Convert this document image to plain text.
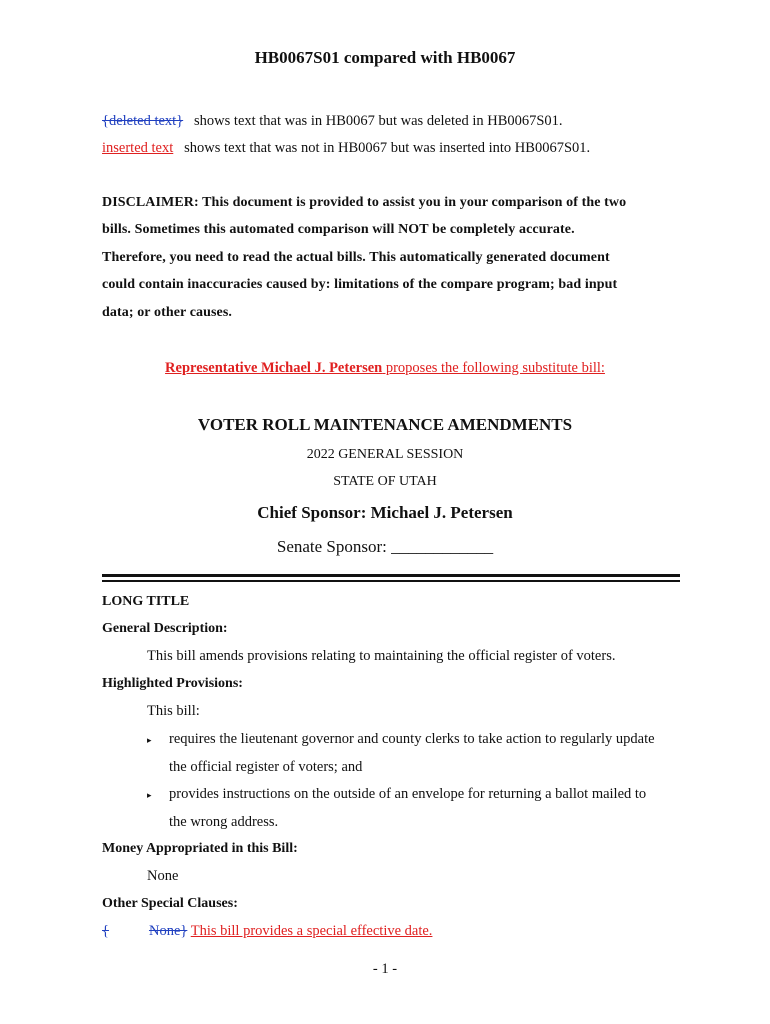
HB0067S01 compared with HB0067
{deleted text} shows text that was in HB0067 but was deleted in HB0067S01.
inserted text shows text that was not in HB0067 but was inserted into HB0067S01.
DISCLAIMER: This document is provided to assist you in your comparison of the two
bills. Sometimes this automated comparison will NOT be completely accurate.
Therefore, you need to read the actual bills. This automatically generated document
could contain inaccuracies caused by: limitations of the compare program; bad input
data; or other causes.
Representative Michael J. Petersen proposes the following substitute bill:
VOTER ROLL MAINTENANCE AMENDMENTS
2022 GENERAL SESSION
STATE OF UTAH
Chief Sponsor: Michael J. Petersen
Senate Sponsor: ____________
LONG TITLE
General Description:
This bill amends provisions relating to maintaining the official register of voters.
Highlighted Provisions:
This bill:
▸ requires the lieutenant governor and county clerks to take action to regularly update
the official register of voters; and
▸ provides instructions on the outside of an envelope for returning a ballot mailed to
the wrong address.
Money Appropriated in this Bill:
None
Other Special Clauses:
{	None} This bill provides a special effective date.
- 1 -
